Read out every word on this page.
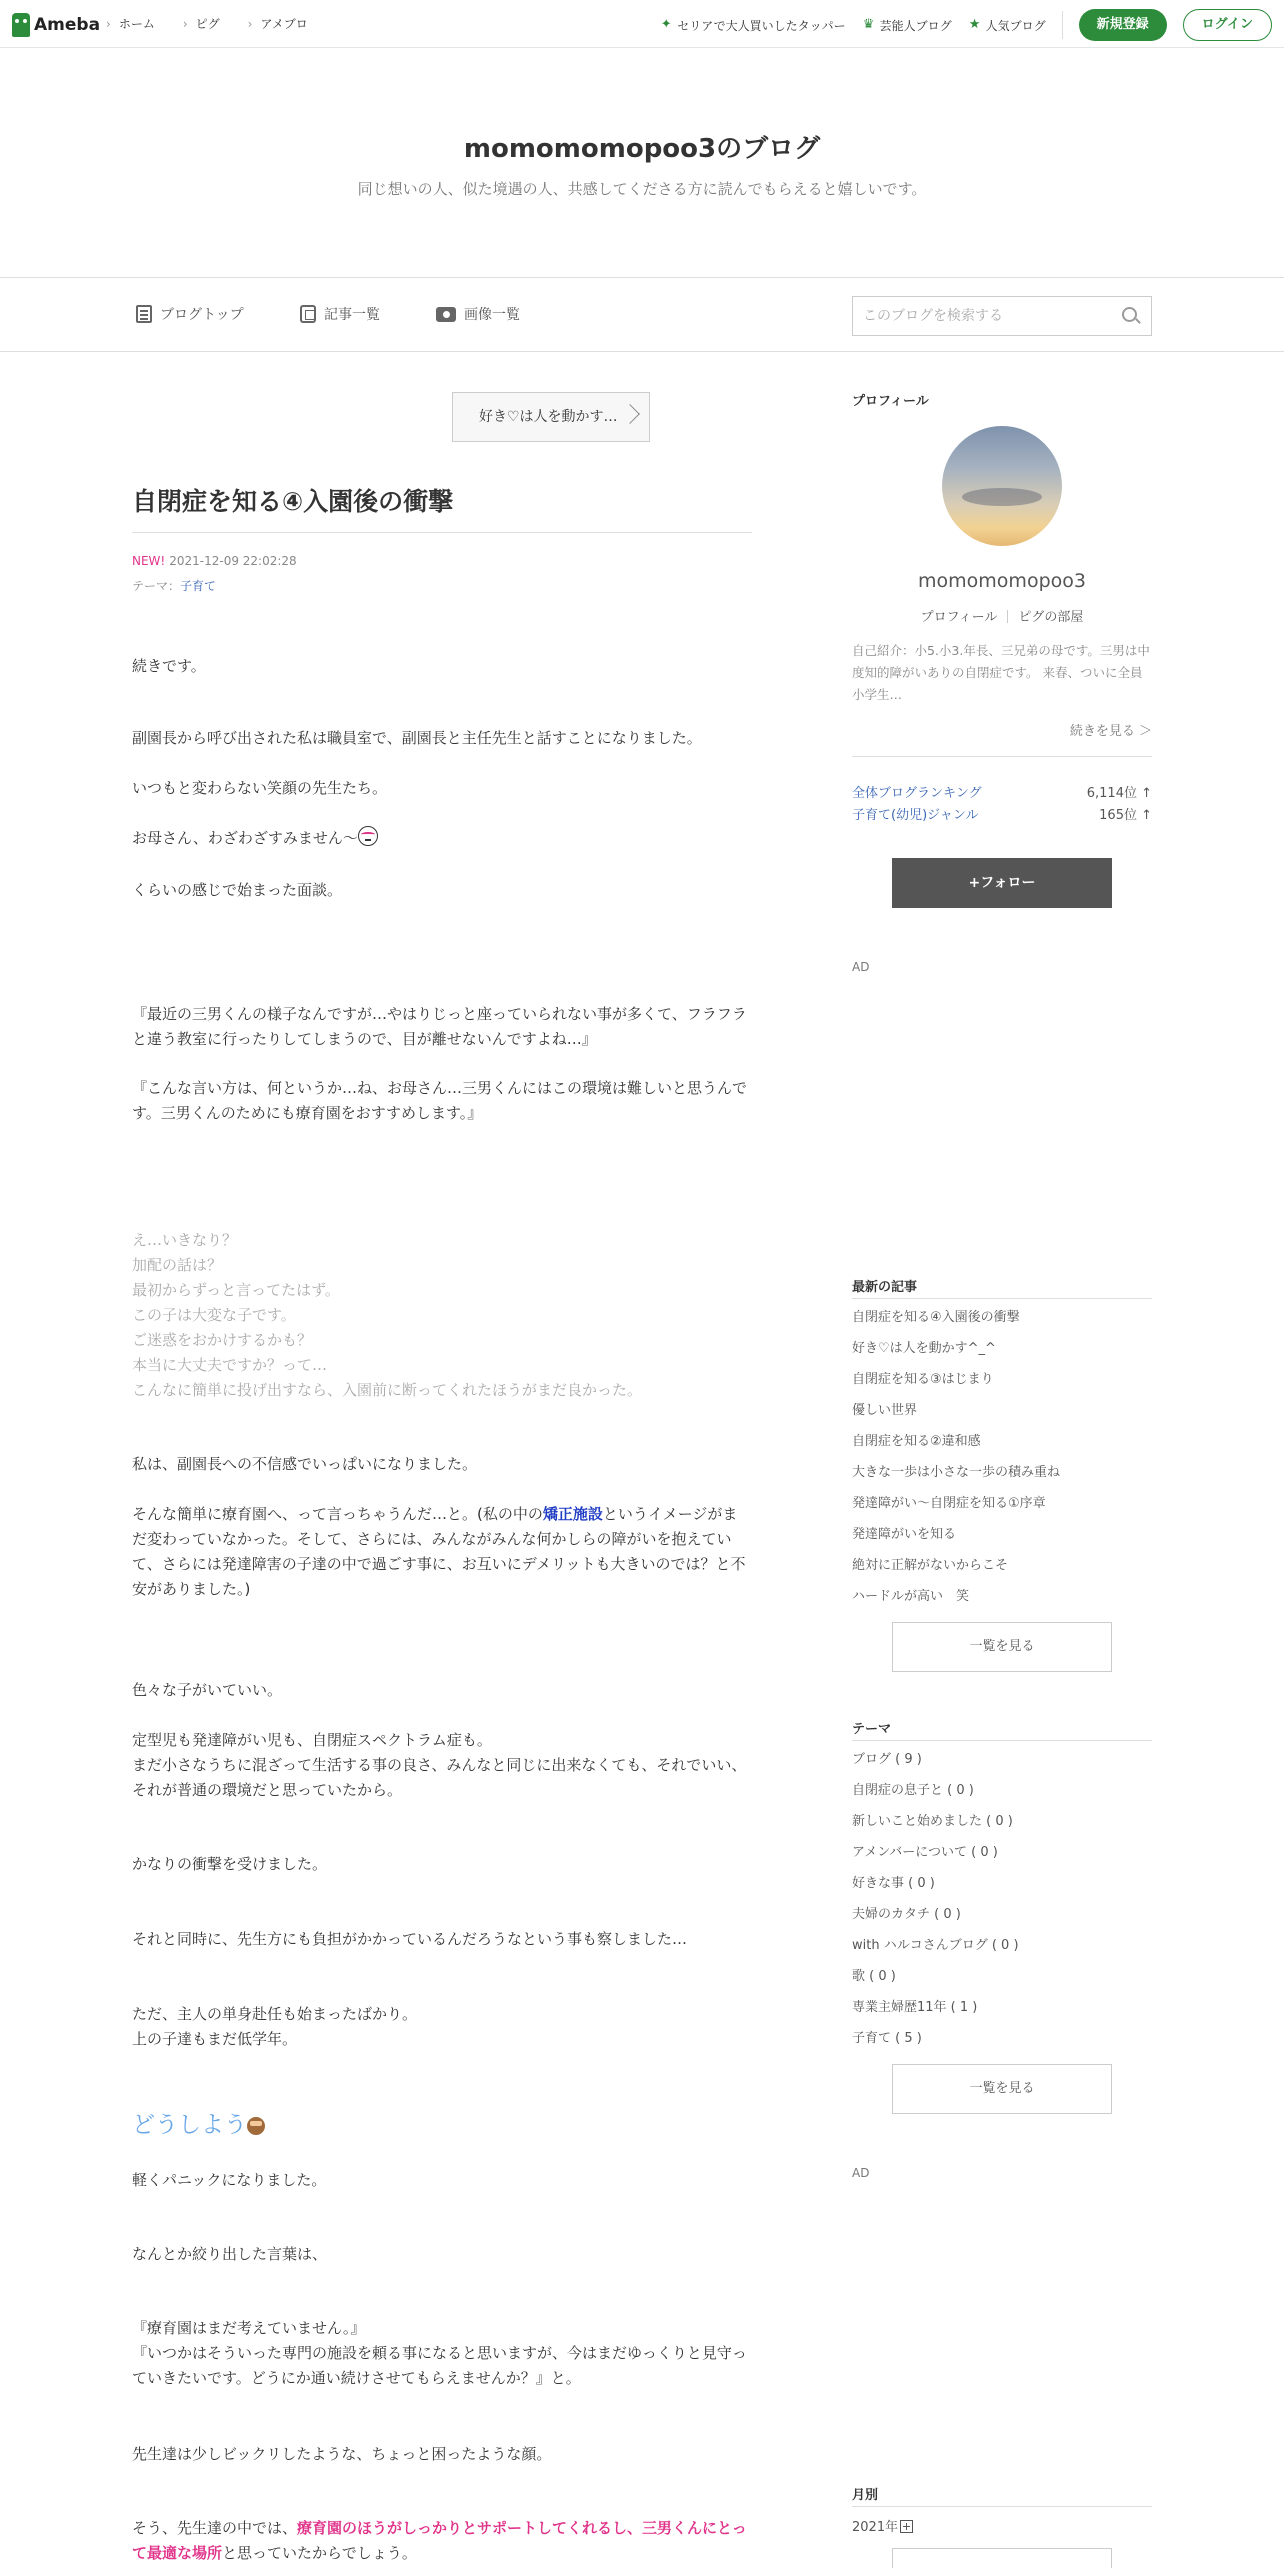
Ameba	› ホーム	› ピグ	› アメブロ	✦ セリアで大人買いしたタッパー ♛ 芸能人ブログ ★ 人気ブログ	新規登録	ログイン
momomomopoo3のブログ
同じ想いの人、似た境遇の人、共感してくださる方に読んでもらえると嬉しいです。
ブログトップ	記事一覧	画像一覧
このブログを検索する
好き♡は人を動かす…
自閉症を知る④入園後の衝撃
NEW! 2021-12-09 22:02:28
テーマ：子育て
続きです。
副園長から呼び出された私は職員室で、副園長と主任先生と話すことになりました。
いつもと変わらない笑顔の先生たち。
お母さん、わざわざすみません〜
くらいの感じで始まった面談。
『最近の三男くんの様子なんですが…やはりじっと座っていられない事が多くて、フラフラと違う教室に行ったりしてしまうので、目が離せないんですよね…』
『こんな言い方は、何というか…ね、お母さん…三男くんにはこの環境は難しいと思うんです。三男くんのためにも療育園をおすすめします。』
え…いきなり？
加配の話は？
最初からずっと言ってたはず。
この子は大変な子です。
ご迷惑をおかけするかも？
本当に大丈夫ですか？って…
こんなに簡単に投げ出すなら、入園前に断ってくれたほうがまだ良かった。
私は、副園長への不信感でいっぱいになりました。
そんな簡単に療育園へ、って言っちゃうんだ…と。(私の中の矯正施設というイメージがまだ変わっていなかった。そして、さらには、みんながみんな何かしらの障がいを抱えていて、さらには発達障害の子達の中で過ごす事に、お互いにデメリットも大きいのでは？と不安がありました。)
色々な子がいていい。
定型児も発達障がい児も、自閉症スペクトラム症も。
まだ小さなうちに混ざって生活する事の良さ、みんなと同じに出来なくても、それでいい、それが普通の環境だと思っていたから。
かなりの衝撃を受けました。
それと同時に、先生方にも負担がかかっているんだろうなという事も察しました…
ただ、主人の単身赴任も始まったばかり。
上の子達もまだ低学年。
どうしよう
軽くパニックになりました。
なんとか絞り出した言葉は、
『療育園はまだ考えていません。』
『いつかはそういった専門の施設を頼る事になると思いますが、今はまだゆっくりと見守っていきたいです。どうにか通い続けさせてもらえませんか？』と。
先生達は少しビックリしたような、ちょっと困ったような顔。
そう、先生達の中では、療育園のほうがしっかりとサポートしてくれるし、三男くんにとって最適な場所と思っていたからでしょう。
プロフィール
momomomopoo3
プロフィール ピグの部屋
自己紹介：小5.小3.年長、三兄弟の母です。三男は中度知的障がいありの自閉症です。 来春、ついに全員小学生…
続きを見る ＞
全体ブログランキング	6,114位 ↑
子育て(幼児)ジャンル	165位 ↑
+フォロー
AD
最新の記事
自閉症を知る④入園後の衝撃
好き♡は人を動かす^_^
自閉症を知る③はじまり
優しい世界
自閉症を知る②違和感
大きな一歩は小さな一歩の積み重ね
発達障がい～自閉症を知る①序章
発達障がいを知る
絶対に正解がないからこそ
ハードルが高い　笑
一覧を見る
テーマ
ブログ ( 9 )
自閉症の息子と ( 0 )
新しいこと始めました ( 0 )
アメンバーについて ( 0 )
好きな事 ( 0 )
夫婦のカタチ ( 0 )
with ハルコさんブログ ( 0 )
歌 ( 0 )
専業主婦歴11年 ( 1 )
子育て ( 5 )
一覧を見る
AD
月別
2021年
